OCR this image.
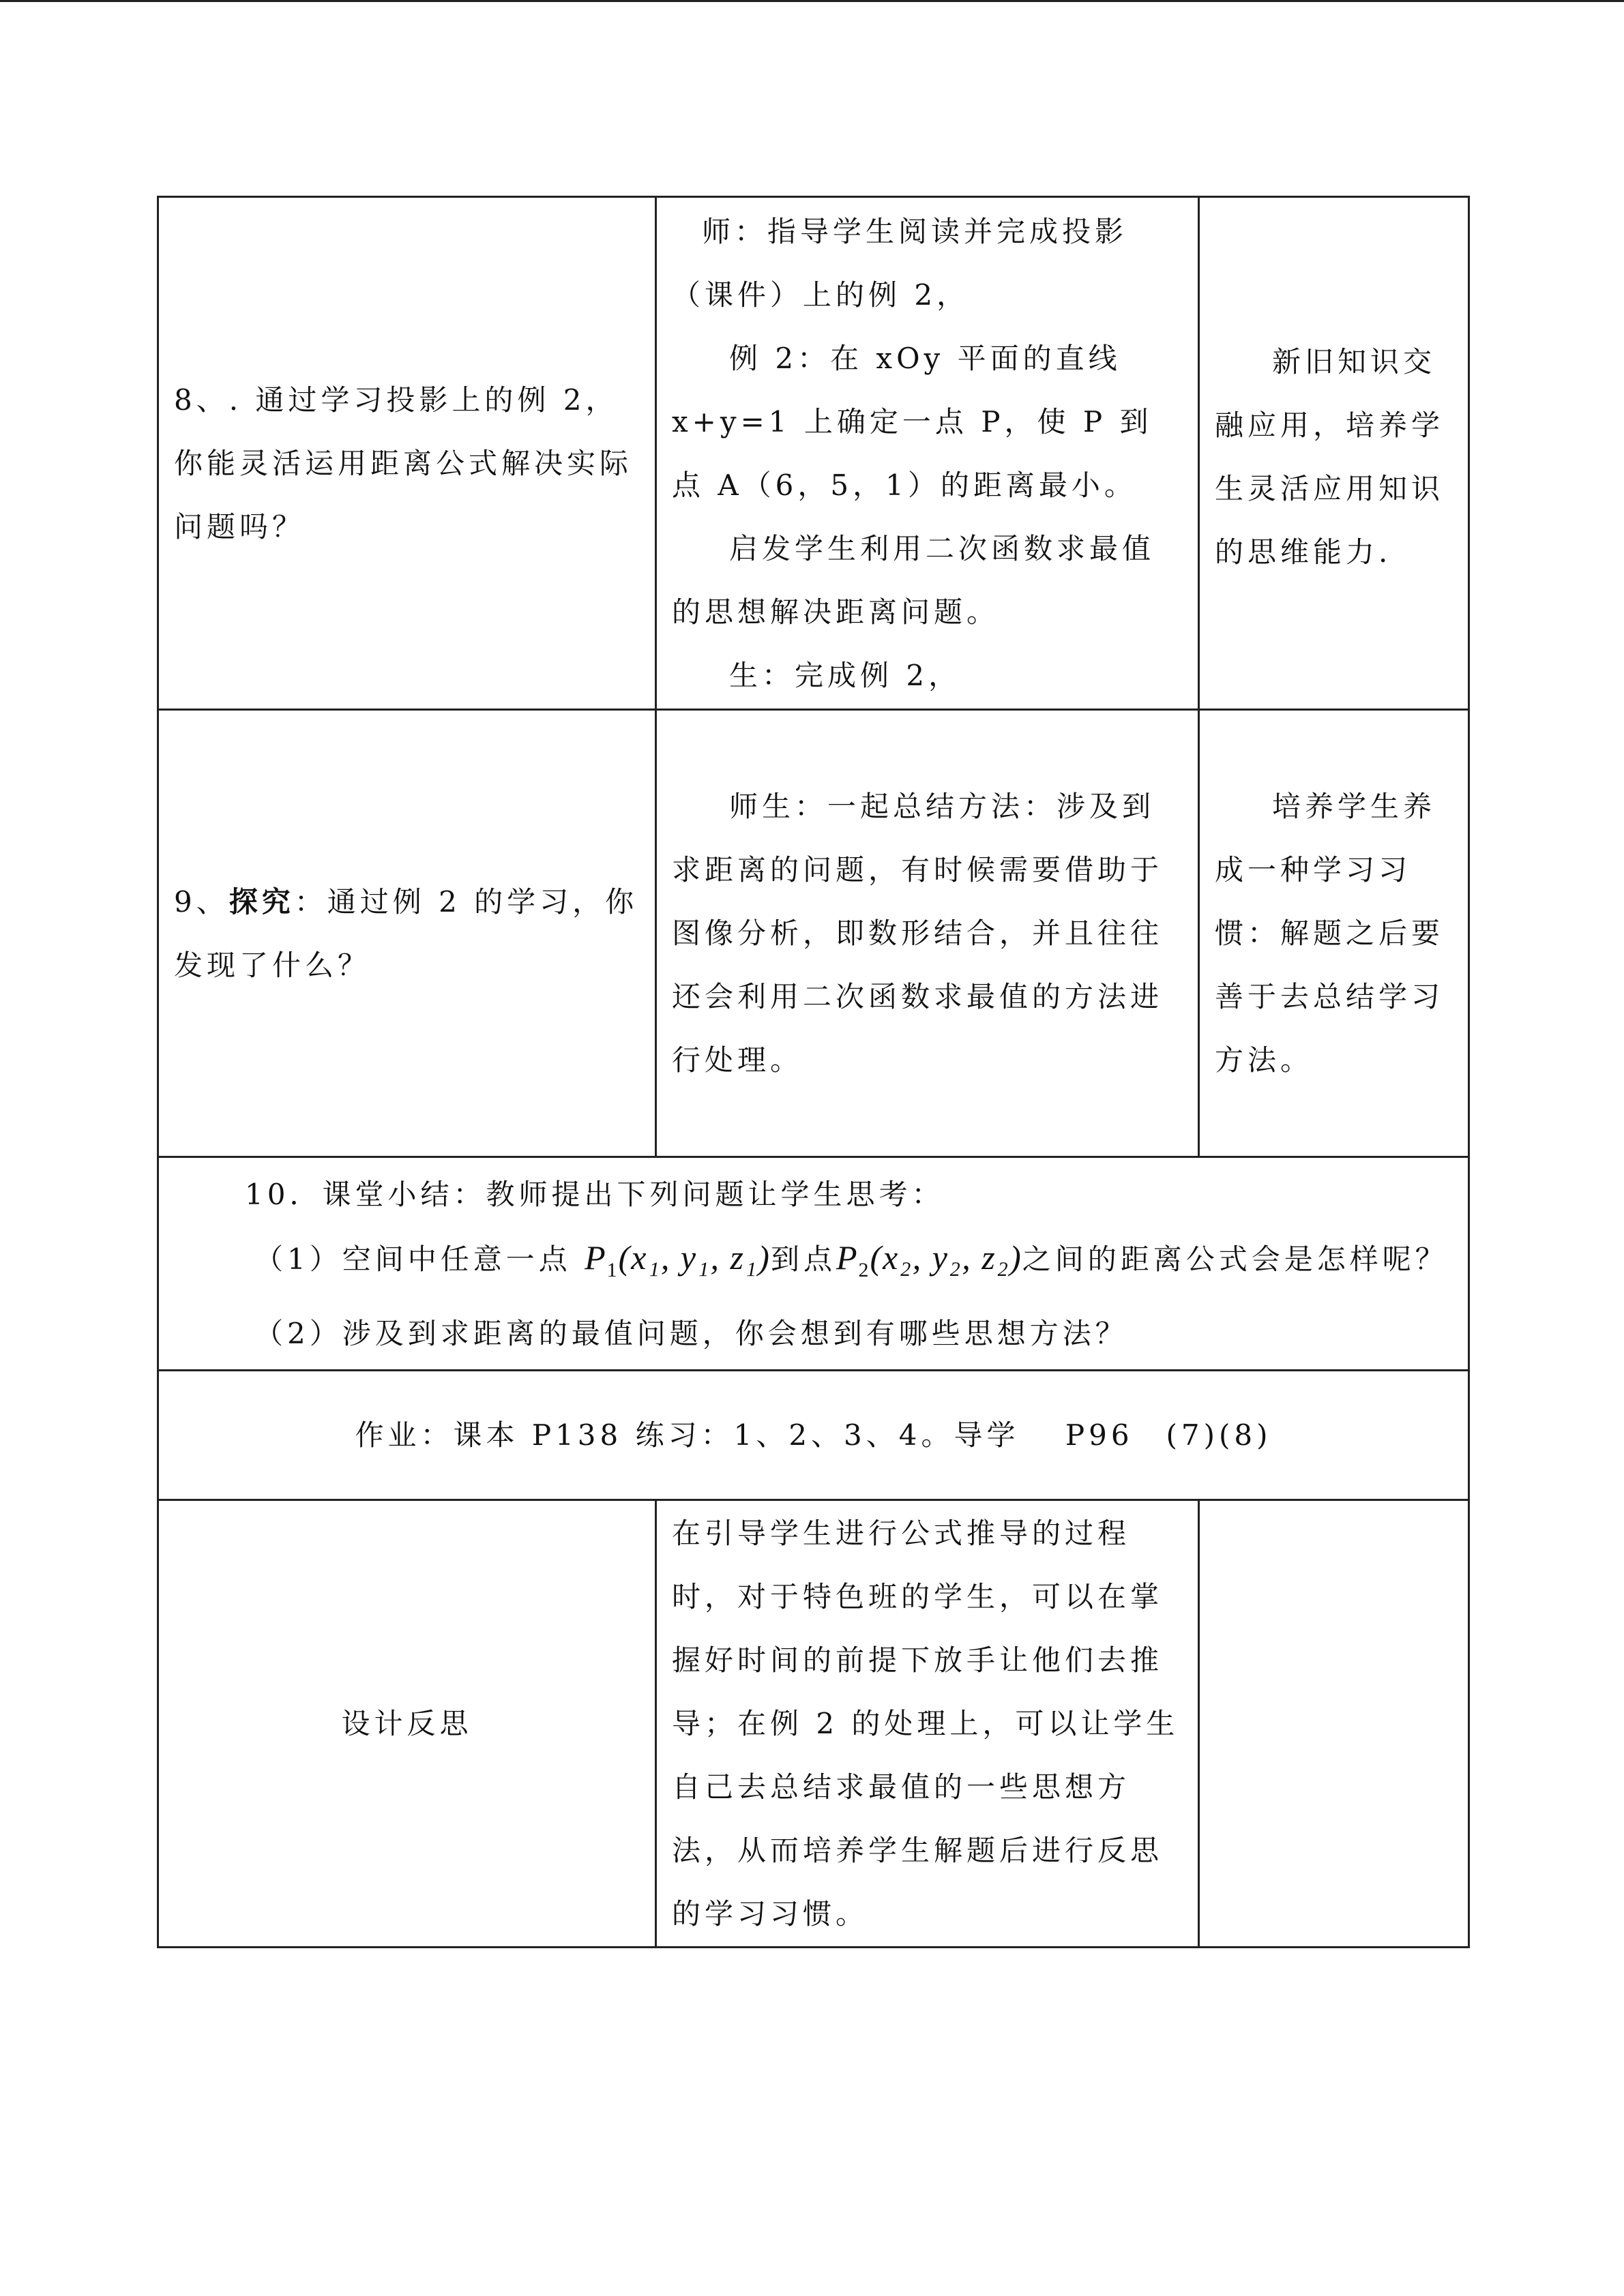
8、. 通过学习投影上的例 2，你能灵活运用距离公式解决实际问题吗？	师：指导学生阅读并完成投影（课件）上的例 2，
例 2：在 xOy 平面的直线 x+y=1 上确定一点 P，使 P 到点 A（6，5，1）的距离最小。
启发学生利用二次函数求最值的思想解决距离问题。
生：完成例 2，	新旧知识交融应用，培养学生灵活应用知识的思维能力.
9、探究：通过例 2 的学习，你发现了什么？	师生：一起总结方法：涉及到求距离的问题，有时候需要借助于图像分析，即数形结合，并且往往还会利用二次函数求最值的方法进行处理。	培养学生养成一种学习习惯：解题之后要善于去总结学习方法。

10．课堂小结：教师提出下列问题让学生思考：
（1）空间中任意一点 $P_1(x_1$, y₁, z₁)到点$P_2(x_2$, y₂, z₂)之间的距离公式会是怎样呢？
（2）涉及到求距离的最值问题，你会想到有哪些思想方法？		

作业：课本 P138 练习：1、2、3、4。导学　 P96　(7)(8)		
设计反思	在引导学生进行公式推导的过程时，对于特色班的学生，可以在掌握好时间的前提下放手让他们去推导；在例 2 的处理上，可以让学生自己去总结求最值的一些思想方法，从而培养学生解题后进行反思的学习习惯。	
